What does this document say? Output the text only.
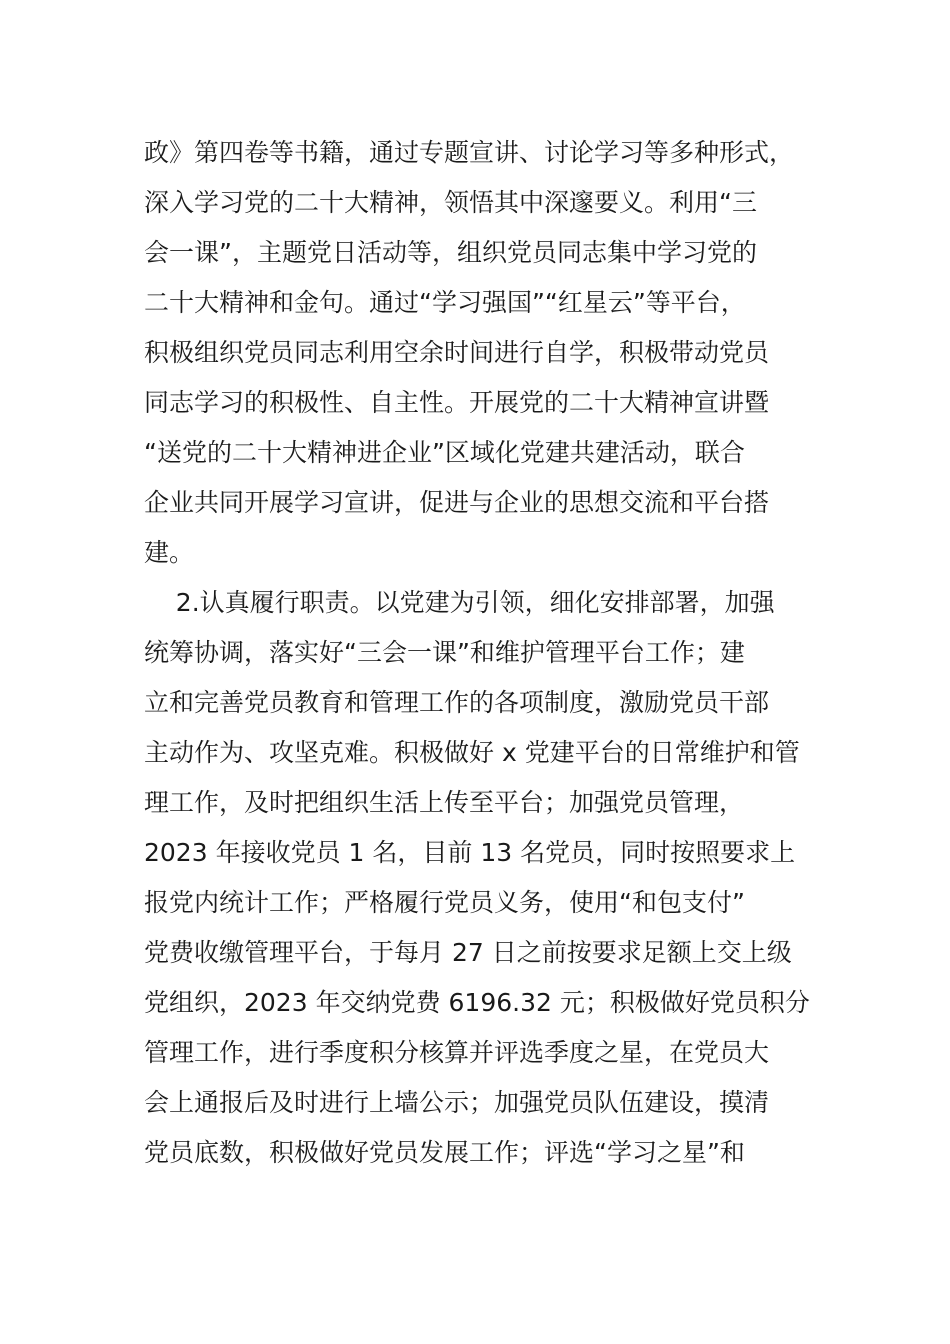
政》第四卷等书籍，通过专题宣讲、讨论学习等多种形式，
深入学习党的二十大精神，领悟其中深邃要义。利用“三
会一课”，主题党日活动等，组织党员同志集中学习党的
二十大精神和金句。通过“学习强国”“红星云”等平台，
积极组织党员同志利用空余时间进行自学，积极带动党员
同志学习的积极性、自主性。开展党的二十大精神宣讲暨
“送党的二十大精神进企业”区域化党建共建活动，联合
企业共同开展学习宣讲，促进与企业的思想交流和平台搭
建。
2.认真履行职责。以党建为引领，细化安排部署，加强
统筹协调，落实好“三会一课”和维护管理平台工作；建
立和完善党员教育和管理工作的各项制度，激励党员干部
主动作为、攻坚克难。积极做好 x 党建平台的日常维护和管
理工作，及时把组织生活上传至平台；加强党员管理，
2023 年接收党员 1 名，目前 13 名党员，同时按照要求上
报党内统计工作；严格履行党员义务，使用“和包支付”
党费收缴管理平台，于每月 27 日之前按要求足额上交上级
党组织，2023 年交纳党费 6196.32 元；积极做好党员积分
管理工作，进行季度积分核算并评选季度之星，在党员大
会上通报后及时进行上墙公示；加强党员队伍建设，摸清
党员底数，积极做好党员发展工作；评选“学习之星”和
